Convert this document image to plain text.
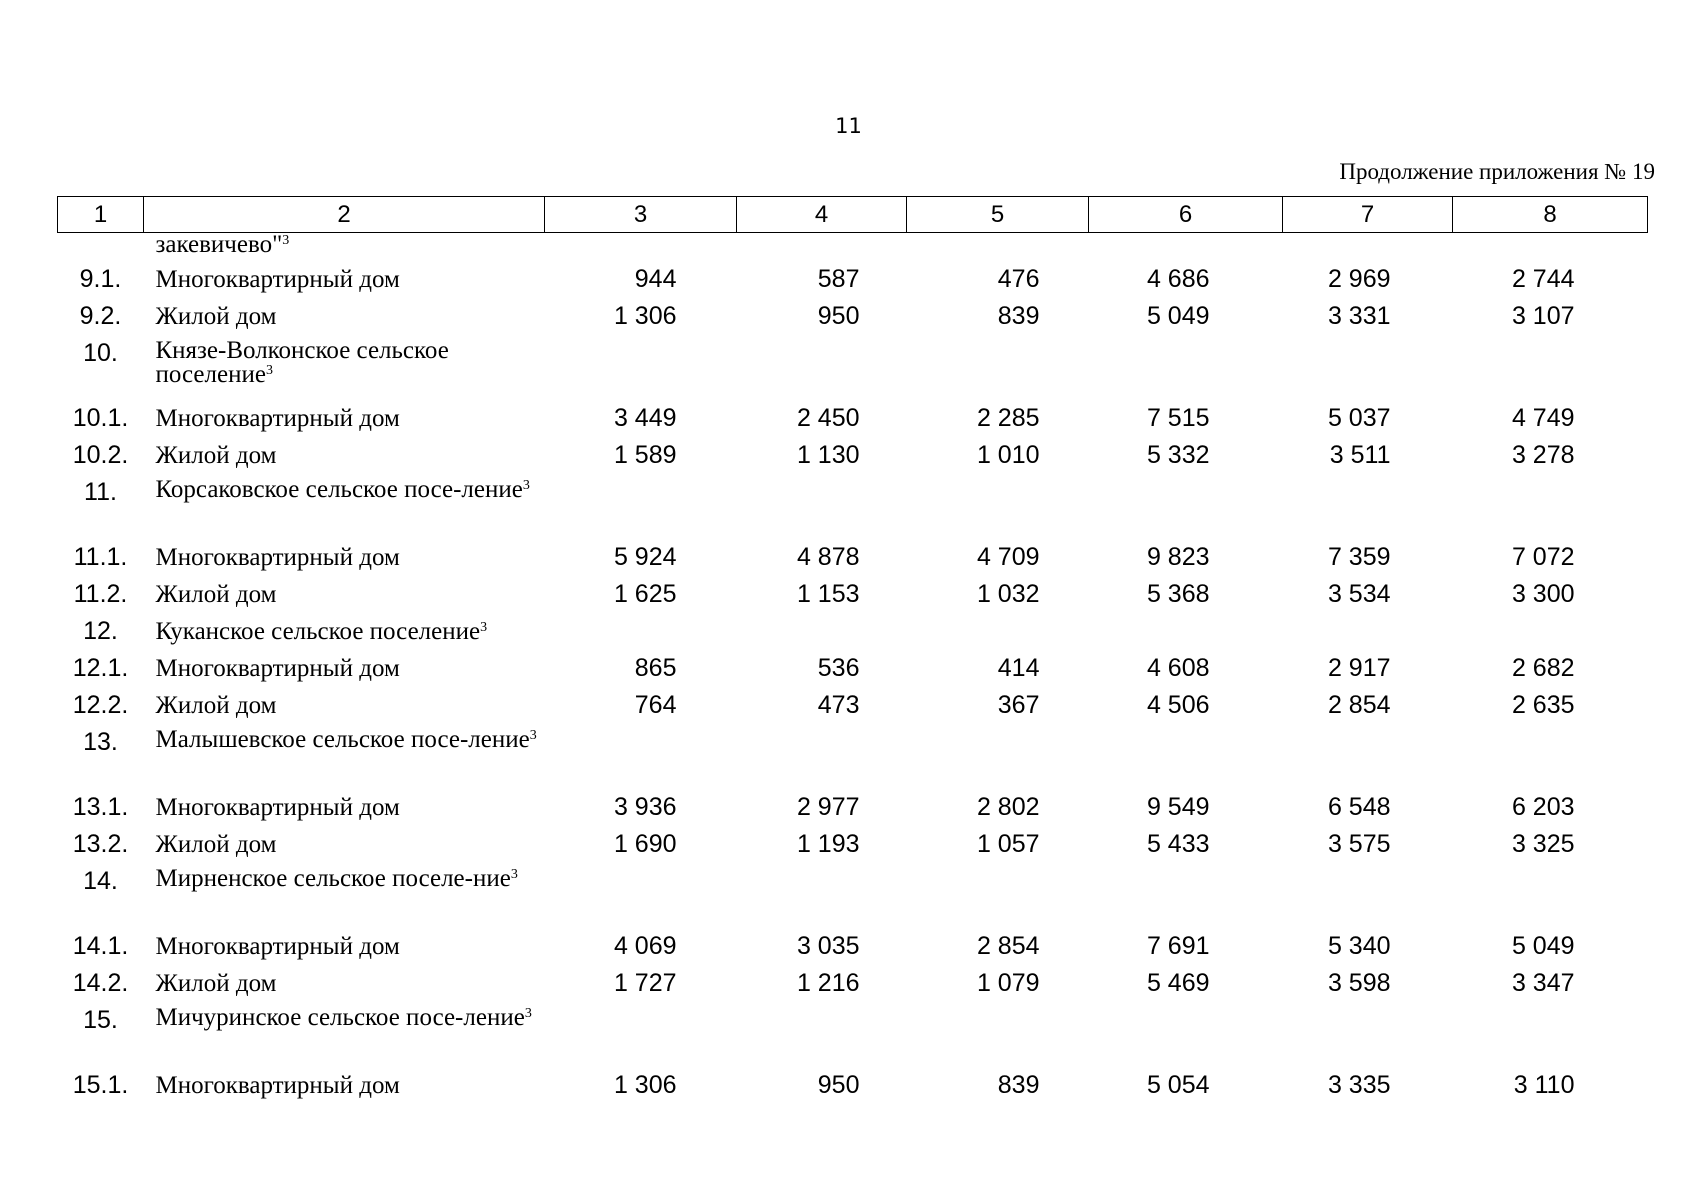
11
Продолжение приложения № 19
1	2	3	4	5	6	7	8
	закевичево"$^3$						
9.1.	Многоквартирный дом	944	587	476	4 686	2 969	2 744
9.2.	Жилой дом	1 306	950	839	5 049	3 331	3 107
10.	Князе-Волконское сельское поселение$^3$						
10.1.	Многоквартирный дом	3 449	2 450	2 285	7 515	5 037	4 749
10.2.	Жилой дом	1 589	1 130	1 010	5 332	3 511	3 278
11.	Корсаковское сельское посе-ление$^3$						
11.1.	Многоквартирный дом	5 924	4 878	4 709	9 823	7 359	7 072
11.2.	Жилой дом	1 625	1 153	1 032	5 368	3 534	3 300
12.	Куканское сельское поселение$^3$						
12.1.	Многоквартирный дом	865	536	414	4 608	2 917	2 682
12.2.	Жилой дом	764	473	367	4 506	2 854	2 635
13.	Малышевское сельское посе-ление$^3$						
13.1.	Многоквартирный дом	3 936	2 977	2 802	9 549	6 548	6 203
13.2.	Жилой дом	1 690	1 193	1 057	5 433	3 575	3 325
14.	Мирненское сельское поселе-ние$^3$						
14.1.	Многоквартирный дом	4 069	3 035	2 854	7 691	5 340	5 049
14.2.	Жилой дом	1 727	1 216	1 079	5 469	3 598	3 347
15.	Мичуринское сельское посе-ление$^3$						
15.1.	Многоквартирный дом	1 306	950	839	5 054	3 335	3 110
